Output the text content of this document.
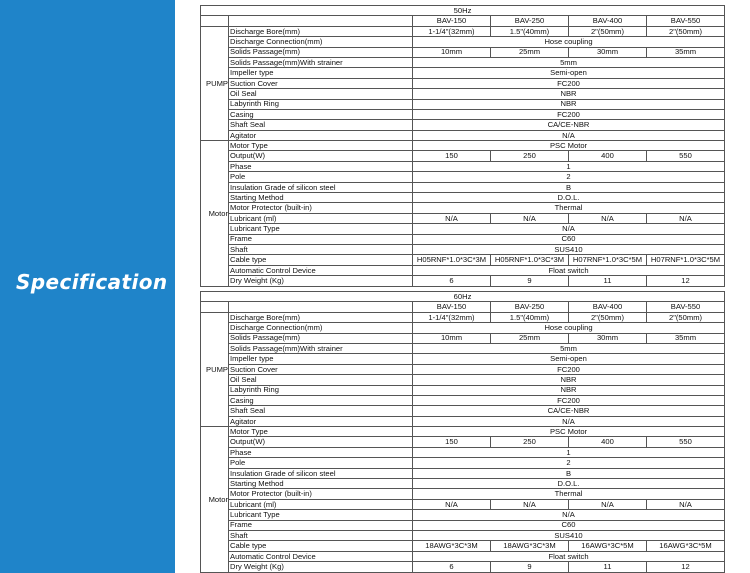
Specification
50Hz					
		BAV-150	BAV-250	BAV-400	BAV-550
PUMP	Discharge Bore(mm)	1-1/4"(32mm)	1.5"(40mm)	2"(50mm)	2"(50mm)
	Discharge Connection(mm)	Hose coupling			
	Solids Passage(mm)	10mm	25mm	30mm	35mm
	Solids Passage(mm)With strainer	5mm			
	Impeller type	Semi-open			
	Suction Cover	FC200			
	Oil Seal	NBR			
	Labyrinth Ring	NBR			
	Casing	FC200			
	Shaft Seal	CA/CE-NBR			
	Agitator	N/A			
Motor	Motor Type	PSC Motor			
	Output(W)	150	250	400	550
	Phase	1			
	Pole	2			
	Insulation Grade of silicon steel	B			
	Starting Method	D.O.L.			
	Motor Protector (built-in)	Thermal			
	Lubricant (ml)	N/A	N/A	N/A	N/A
	Lubricant Type	N/A			
	Frame	C60			
	Shaft	SUS410			
	Cable type	H05RNF*1.0*3C*3M	H05RNF*1.0*3C*3M	H07RNF*1.0*3C*5M	H07RNF*1.0*3C*5M
	Automatic Control Device	Float switch			
	Dry Weight (Kg)	6	9	11	12
60Hz					
		BAV-150	BAV-250	BAV-400	BAV-550
PUMP	Discharge Bore(mm)	1-1/4"(32mm)	1.5"(40mm)	2"(50mm)	2"(50mm)
	Discharge Connection(mm)	Hose coupling			
	Solids Passage(mm)	10mm	25mm	30mm	35mm
	Solids Passage(mm)With strainer	5mm			
	Impeller type	Semi-open			
	Suction Cover	FC200			
	Oil Seal	NBR			
	Labyrinth Ring	NBR			
	Casing	FC200			
	Shaft Seal	CA/CE-NBR			
	Agitator	N/A			
Motor	Motor Type	PSC Motor			
	Output(W)	150	250	400	550
	Phase	1			
	Pole	2			
	Insulation Grade of silicon steel	B			
	Starting Method	D.O.L.			
	Motor Protector (built-in)	Thermal			
	Lubricant (ml)	N/A	N/A	N/A	N/A
	Lubricant Type	N/A			
	Frame	C60			
	Shaft	SUS410			
	Cable type	18AWG*3C*3M	18AWG*3C*3M	16AWG*3C*5M	16AWG*3C*5M
	Automatic Control Device	Float switch			
	Dry Weight (Kg)	6	9	11	12
